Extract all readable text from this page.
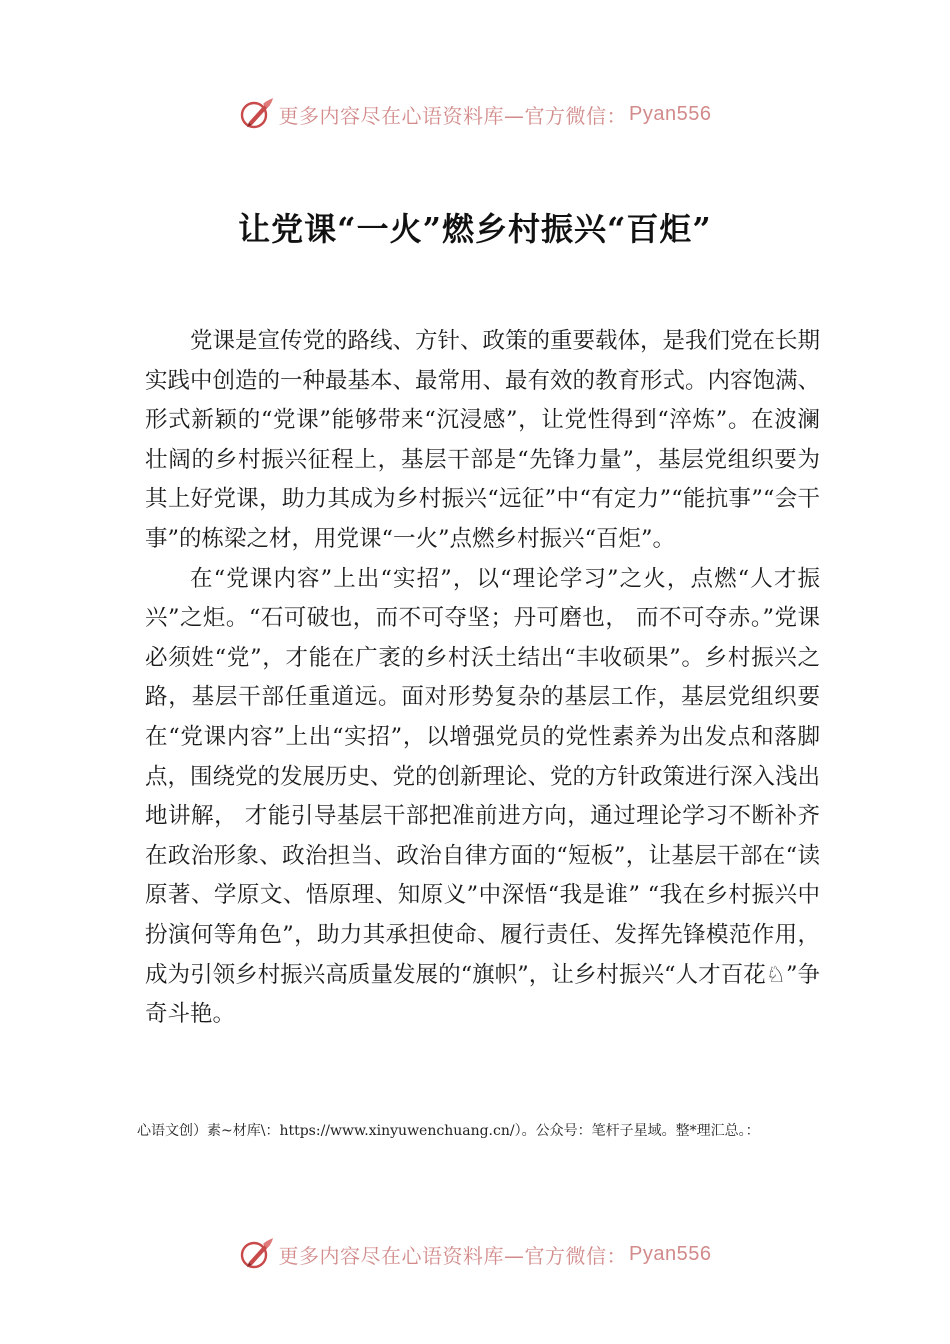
更多内容尽在心语资料库—官方微信： Pyan556
让党课“一火”燃乡村振兴“百炬”

党课是宣传党的路线、方针、政策的重要载体，是我们党在长期实践中创造的一种最基本、最常用、最有效的教育形式。内容饱满、形式新颖的“党课”能够带来“沉浸感”，让党性得到“淬炼”。在波澜壮阔的乡村振兴征程上，基层干部是“先锋力量”，基层党组织要为其上好党课，助力其成为乡村振兴“远征”中“有定力”“能抗事”“会干事”的栋梁之材，用党课“一火”点燃乡村振兴“百炬”。

在“党课内容”上出“实招”，以“理论学习”之火，点燃“人才振兴”之炬。“石可破也，而不可夺坚；丹可磨也， 而不可夺赤。”党课必须姓“党”，才能在广袤的乡村沃土结出“丰收硕果”。乡村振兴之路，基层干部任重道远。面对形势复杂的基层工作，基层党组织要在“党课内容”上出“实招”，以增强党员的党性素养为出发点和落脚点，围绕党的发展历史、党的创新理论、党的方针政策进行深入浅出地讲解， 才能引导基层干部把准前进方向，通过理论学习不断补齐在政治形象、政治担当、政治自律方面的“短板”，让基层干部在“读原著、学原文、悟原理、知原义”中深悟“我是谁” “我在乡村振兴中扮演何等角色”，助力其承担使命、履行责任、发挥先锋模范作用，成为引领乡村振兴高质量发展的“旗帜”，让乡村振兴“人才百花♘”争奇斗艳。

心语文创）素~材库\：https://www.xinyuwenchuang.cn/）。公众号：笔杆子星域。整*理汇总。：
更多内容尽在心语资料库—官方微信： Pyan556
